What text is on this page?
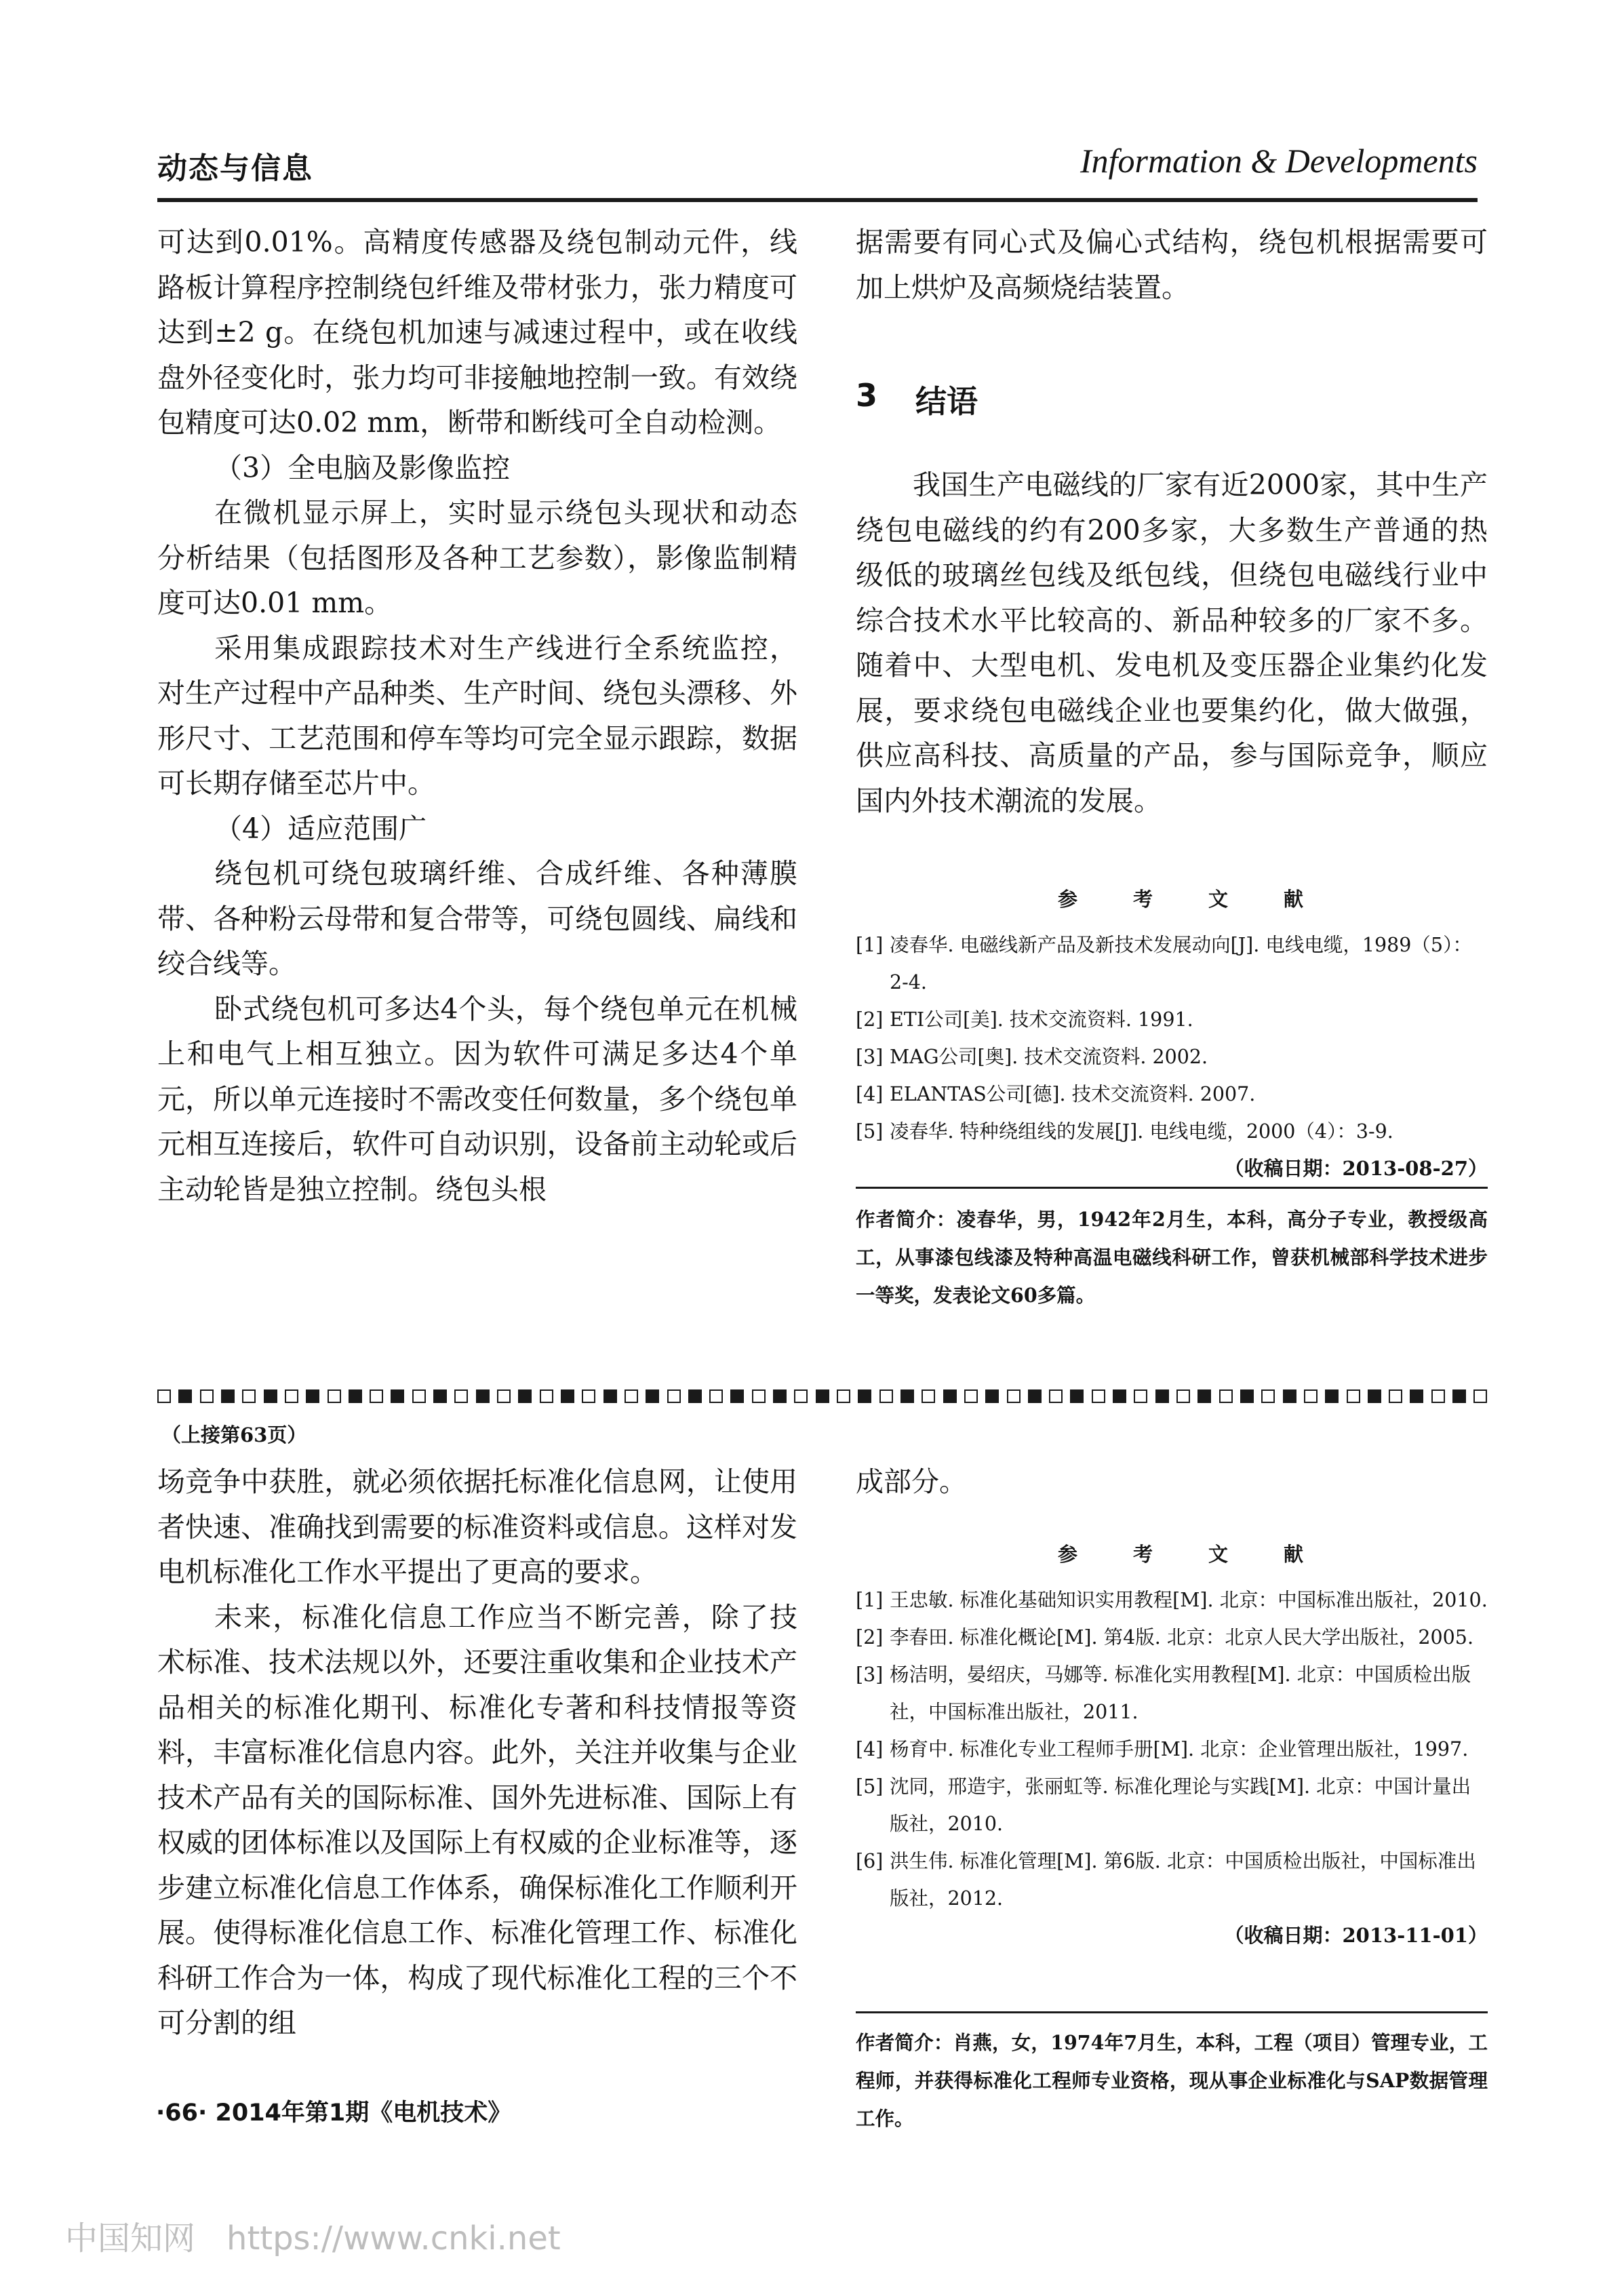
动态与信息	Information & Developments

可达到0.01%。高精度传感器及绕包制动元件，线路板计算程序控制绕包纤维及带材张力，张力精度可达到±2 g。在绕包机加速与减速过程中，或在收线盘外径变化时，张力均可非接触地控制一致。有效绕包精度可达0.02 mm，断带和断线可全自动检测。

（3）全电脑及影像监控

在微机显示屏上，实时显示绕包头现状和动态分析结果（包括图形及各种工艺参数），影像监制精度可达0.01 mm。

采用集成跟踪技术对生产线进行全系统监控，对生产过程中产品种类、生产时间、绕包头漂移、外形尺寸、工艺范围和停车等均可完全显示跟踪，数据可长期存储至芯片中。

（4）适应范围广

绕包机可绕包玻璃纤维、合成纤维、各种薄膜带、各种粉云母带和复合带等，可绕包圆线、扁线和绞合线等。

卧式绕包机可多达4个头，每个绕包单元在机械上和电气上相互独立。因为软件可满足多达4个单元，所以单元连接时不需改变任何数量，多个绕包单元相互连接后，软件可自动识别，设备前主动轮或后主动轮皆是独立控制。绕包头根

据需要有同心式及偏心式结构，绕包机根据需要可加上烘炉及高频烧结装置。
3 结语

我国生产电磁线的厂家有近2000家，其中生产绕包电磁线的约有200多家，大多数生产普通的热级低的玻璃丝包线及纸包线，但绕包电磁线行业中综合技术水平比较高的、新品种较多的厂家不多。随着中、大型电机、发电机及变压器企业集约化发展，要求绕包电磁线企业也要集约化，做大做强，供应高科技、高质量的产品，参与国际竞争，顺应国内外技术潮流的发展。

参考文献
[1] 凌春华. 电磁线新产品及新技术发展动向[J]. 电线电缆，1989（5）：2-4.
[2] ETI公司[美]. 技术交流资料. 1991.
[3] MAG公司[奥]. 技术交流资料. 2002.
[4] ELANTAS公司[德]. 技术交流资料. 2007.
[5] 凌春华. 特种绕组线的发展[J]. 电线电缆，2000（4）：3-9.
（收稿日期：2013-08-27）
作者简介：凌春华，男，1942年2月生，本科，高分子专业，教授级高工，从事漆包线漆及特种高温电磁线科研工作，曾获机械部科学技术进步一等奖，发表论文60多篇。
（上接第63页）

场竞争中获胜，就必须依据托标准化信息网，让使用者快速、准确找到需要的标准资料或信息。这样对发电机标准化工作水平提出了更高的要求。

未来，标准化信息工作应当不断完善，除了技术标准、技术法规以外，还要注重收集和企业技术产品相关的标准化期刊、标准化专著和科技情报等资料，丰富标准化信息内容。此外，关注并收集与企业技术产品有关的国际标准、国外先进标准、国际上有权威的团体标准以及国际上有权威的企业标准等，逐步建立标准化信息工作体系，确保标准化工作顺利开展。使得标准化信息工作、标准化管理工作、标准化科研工作合为一体，构成了现代标准化工程的三个不可分割的组

成部分。
参考文献
[1] 王忠敏. 标准化基础知识实用教程[M]. 北京：中国标准出版社，2010.
[2] 李春田. 标准化概论[M]. 第4版. 北京：北京人民大学出版社，2005.
[3] 杨洁明，晏绍庆，马娜等. 标准化实用教程[M]. 北京：中国质检出版社，中国标准出版社，2011.
[4] 杨育中. 标准化专业工程师手册[M]. 北京：企业管理出版社，1997.
[5] 沈同，邢造宇，张丽虹等. 标准化理论与实践[M]. 北京：中国计量出版社，2010.
[6] 洪生伟. 标准化管理[M]. 第6版. 北京：中国质检出版社，中国标准出版社，2012.
（收稿日期：2013-11-01）
作者简介：肖燕，女，1974年7月生，本科，工程（项目）管理专业，工程师，并获得标准化工程师专业资格，现从事企业标准化与SAP数据管理工作。
·66· 2014年第1期《电机技术》
中国知网 https://www.cnki.net
